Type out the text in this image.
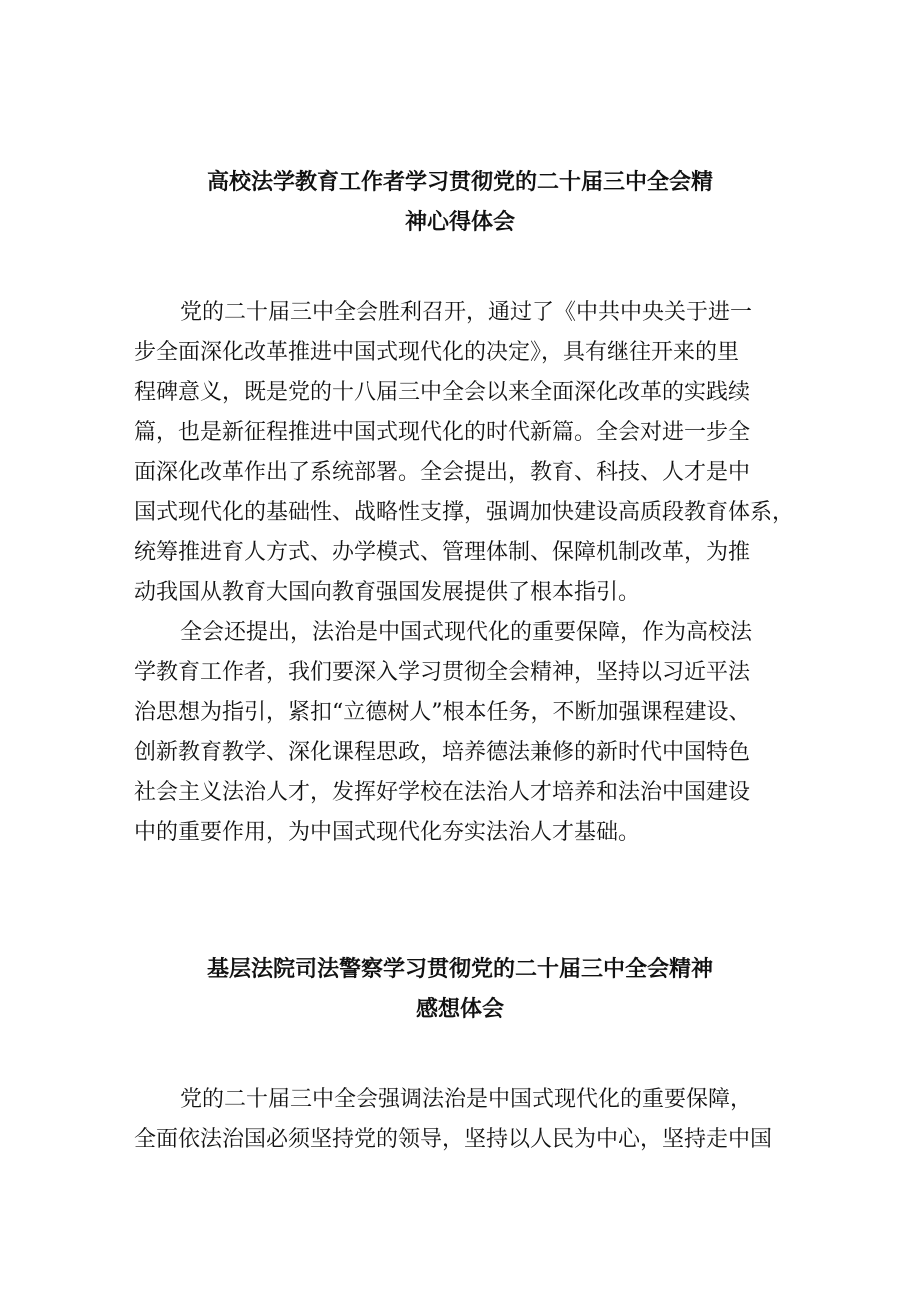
高校法学教育工作者学习贯彻党的二十届三中全会精
神心得体会

党的二十届三中全会胜利召开，通过了《中共中央关于进一
步全面深化改革推进中国式现代化的决定》，具有继往开来的里
程碑意义，既是党的十八届三中全会以来全面深化改革的实践续
篇，也是新征程推进中国式现代化的时代新篇。全会对进一步全
面深化改革作出了系统部署。全会提出，教育、科技、人才是中
国式现代化的基础性、战略性支撑，强调加快建设高质段教育体系，
统筹推进育人方式、办学模式、管理体制、保障机制改革，为推
动我国从教育大国向教育强国发展提供了根本指引。

全会还提出，法治是中国式现代化的重要保障，作为高校法
学教育工作者，我们要深入学习贯彻全会精神，坚持以习近平法
治思想为指引，紧扣“立德树人”根本任务，不断加强课程建设、
创新教育教学、深化课程思政，培养德法兼修的新时代中国特色
社会主义法治人才，发挥好学校在法治人才培养和法治中国建设
中的重要作用，为中国式现代化夯实法治人才基础。

基层法院司法警察学习贯彻党的二十届三中全会精神
感想体会

党的二十届三中全会强调法治是中国式现代化的重要保障，
全面依法治国必须坚持党的领导，坚持以人民为中心，坚持走中国
